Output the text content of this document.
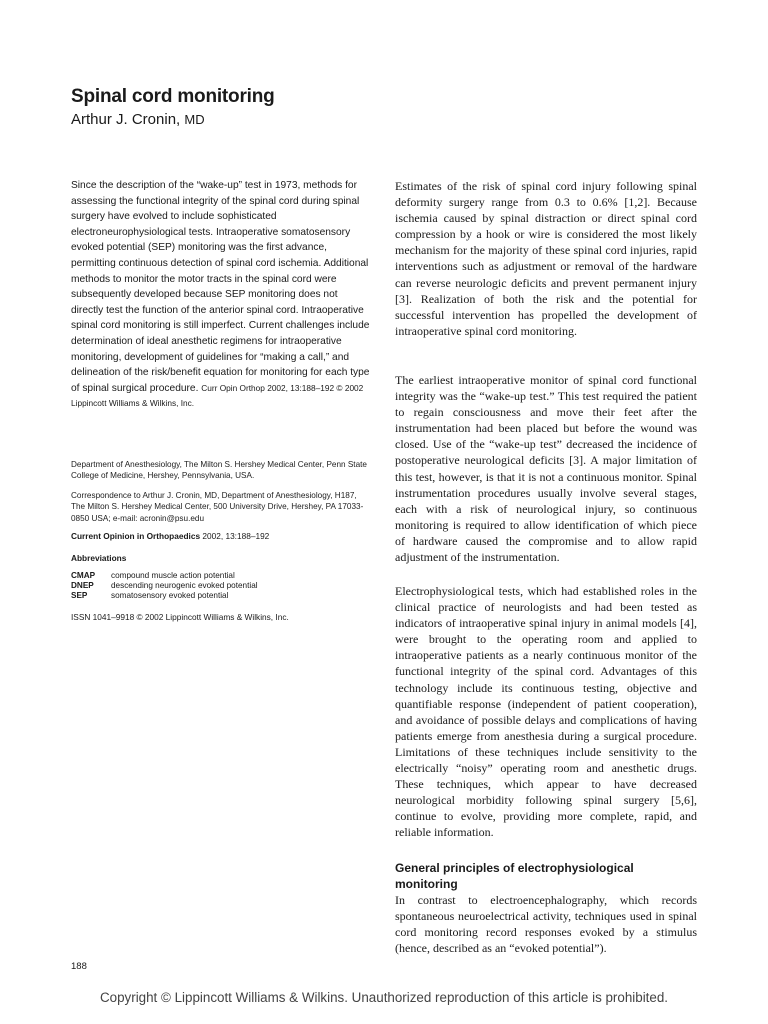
Spinal cord monitoring

Arthur J. Cronin, MD

Since the description of the “wake-up” test in 1973, methods for assessing the functional integrity of the spinal cord during spinal surgery have evolved to include sophisticated electroneurophysiological tests. Intraoperative somatosensory evoked potential (SEP) monitoring was the first advance, permitting continuous detection of spinal cord ischemia. Additional methods to monitor the motor tracts in the spinal cord were subsequently developed because SEP monitoring does not directly test the function of the anterior spinal cord. Intraoperative spinal cord monitoring is still imperfect. Current challenges include determination of ideal anesthetic regimens for intraoperative monitoring, development of guidelines for “making a call,” and delineation of the risk/benefit equation for monitoring for each type of spinal surgical procedure. Curr Opin Orthop 2002, 13:188–192 © 2002 Lippincott Williams & Wilkins, Inc.

Department of Anesthesiology, The Milton S. Hershey Medical Center, Penn State College of Medicine, Hershey, Pennsylvania, USA.

Correspondence to Arthur J. Cronin, MD, Department of Anesthesiology, H187, The Milton S. Hershey Medical Center, 500 University Drive, Hershey, PA 17033-0850 USA; e-mail: acronin@psu.edu

Current Opinion in Orthopaedics 2002, 13:188–192

Abbreviations

CMAP	compound muscle action potential
DNEP	descending neurogenic evoked potential
SEP	somatosensory evoked potential

ISSN 1041–9918 © 2002 Lippincott Williams & Wilkins, Inc.

Estimates of the risk of spinal cord injury following spinal deformity surgery range from 0.3 to 0.6% [1,2]. Because ischemia caused by spinal distraction or direct spinal cord compression by a hook or wire is considered the most likely mechanism for the majority of these spinal cord injuries, rapid interventions such as adjustment or removal of the hardware can reverse neurologic deficits and prevent permanent injury [3]. Realization of both the risk and the potential for successful intervention has propelled the development of intraoperative spinal cord monitoring.

The earliest intraoperative monitor of spinal cord functional integrity was the “wake-up test.” This test required the patient to regain consciousness and move their feet after the instrumentation had been placed but before the wound was closed. Use of the “wake-up test” decreased the incidence of postoperative neurological deficits [3]. A major limitation of this test, however, is that it is not a continuous monitor. Spinal instrumentation procedures usually involve several stages, each with a risk of neurological injury, so continuous monitoring is required to allow identification of which piece of hardware caused the compromise and to allow rapid adjustment of the instrumentation.

Electrophysiological tests, which had established roles in the clinical practice of neurologists and had been tested as indicators of intraoperative spinal injury in animal models [4], were brought to the operating room and applied to intraoperative patients as a nearly continuous monitor of the functional integrity of the spinal cord. Advantages of this technology include its continuous testing, objective and quantifiable response (independent of patient cooperation), and avoidance of possible delays and complications of having patients emerge from anesthesia during a surgical procedure. Limitations of these techniques include sensitivity to the electrically “noisy” operating room and anesthetic drugs. These techniques, which appear to have decreased neurological morbidity following spinal surgery [5,6], continue to evolve, providing more complete, rapid, and reliable information.

General principles of electrophysiological monitoring

In contrast to electroencephalography, which records spontaneous neuroelectrical activity, techniques used in spinal cord monitoring record responses evoked by a stimulus (hence, described as an “evoked potential”).

188

Copyright © Lippincott Williams & Wilkins. Unauthorized reproduction of this article is prohibited.
